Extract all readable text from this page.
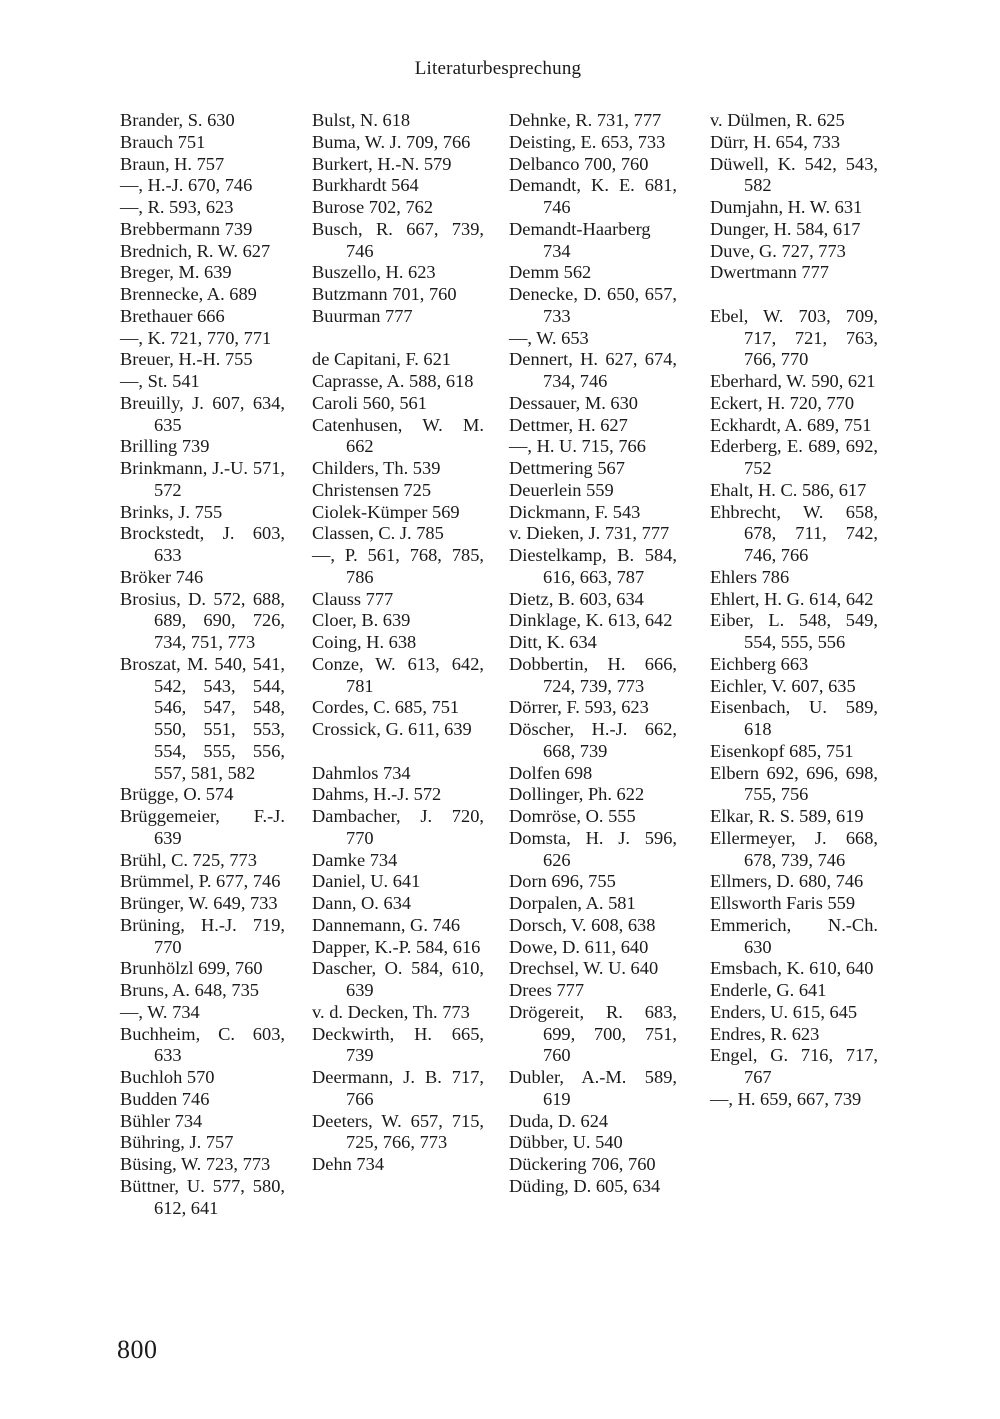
Literaturbesprechung
Brander, S. 630
Brauch 751
Braun, H. 757
—, H.-J. 670, 746
—, R. 593, 623
Brebbermann 739
Brednich, R. W. 627
Breger, M. 639
Brennecke, A. 689
Brethauer 666
—, K. 721, 770, 771
Breuer, H.-H. 755
—, St. 541
Breuilly, J. 607, 634, 635
Brilling 739
Brinkmann, J.-U. 571, 572
Brinks, J. 755
Brockstedt, J. 603, 633
Bröker 746
Brosius, D. 572, 688, 689, 690, 726, 734, 751, 773
Broszat, M. 540, 541, 542, 543, 544, 546, 547, 548, 550, 551, 553, 554, 555, 556, 557, 581, 582
Brügge, O. 574
Brüggemeier, F.-J. 639
Brühl, C. 725, 773
Brümmel, P. 677, 746
Brünger, W. 649, 733
Brüning, H.-J. 719, 770
Brunhölzl 699, 760
Bruns, A. 648, 735
—, W. 734
Buchheim, C. 603, 633
Buchloh 570
Budden 746
Bühler 734
Bühring, J. 757
Büsing, W. 723, 773
Büttner, U. 577, 580, 612, 641
Bulst, N. 618
Buma, W. J. 709, 766
Burkert, H.-N. 579
Burkhardt 564
Burose 702, 762
Busch, R. 667, 739, 746
Buszello, H. 623
Butzmann 701, 760
Buurman 777
de Capitani, F. 621
Caprasse, A. 588, 618
Caroli 560, 561
Catenhusen, W. M. 662
Childers, Th. 539
Christensen 725
Ciolek-Kümper 569
Classen, C. J. 785
—, P. 561, 768, 785, 786
Clauss 777
Cloer, B. 639
Coing, H. 638
Conze, W. 613, 642, 781
Cordes, C. 685, 751
Crossick, G. 611, 639
Dahmlos 734
Dahms, H.-J. 572
Dambacher, J. 720, 770
Damke 734
Daniel, U. 641
Dann, O. 634
Dannemann, G. 746
Dapper, K.-P. 584, 616
Dascher, O. 584, 610, 639
v. d. Decken, Th. 773
Deckwirth, H. 665, 739
Deermann, J. B. 717, 766
Deeters, W. 657, 715, 725, 766, 773
Dehn 734
Dehnke, R. 731, 777
Deisting, E. 653, 733
Delbanco 700, 760
Demandt, K. E. 681, 746
Demandt-Haarberg 734
Demm 562
Denecke, D. 650, 657, 733
—, W. 653
Dennert, H. 627, 674, 734, 746
Dessauer, M. 630
Dettmer, H. 627
—, H. U. 715, 766
Dettmering 567
Deuerlein 559
Dickmann, F. 543
v. Dieken, J. 731, 777
Diestelkamp, B. 584, 616, 663, 787
Dietz, B. 603, 634
Dinklage, K. 613, 642
Ditt, K. 634
Dobbertin, H. 666, 724, 739, 773
Dörrer, F. 593, 623
Döscher, H.-J. 662, 668, 739
Dolfen 698
Dollinger, Ph. 622
Domröse, O. 555
Domsta, H. J. 596, 626
Dorn 696, 755
Dorpalen, A. 581
Dorsch, V. 608, 638
Dowe, D. 611, 640
Drechsel, W. U. 640
Drees 777
Drögereit, R. 683, 699, 700, 751, 760
Dubler, A.-M. 589, 619
Duda, D. 624
Dübber, U. 540
Dückering 706, 760
Düding, D. 605, 634
v. Dülmen, R. 625
Dürr, H. 654, 733
Düwell, K. 542, 543, 582
Dumjahn, H. W. 631
Dunger, H. 584, 617
Duve, G. 727, 773
Dwertmann 777
Ebel, W. 703, 709, 717, 721, 763, 766, 770
Eberhard, W. 590, 621
Eckert, H. 720, 770
Eckhardt, A. 689, 751
Ederberg, E. 689, 692, 752
Ehalt, H. C. 586, 617
Ehbrecht, W. 658, 678, 711, 742, 746, 766
Ehlers 786
Ehlert, H. G. 614, 642
Eiber, L. 548, 549, 554, 555, 556
Eichberg 663
Eichler, V. 607, 635
Eisenbach, U. 589, 618
Eisenkopf 685, 751
Elbern 692, 696, 698, 755, 756
Elkar, R. S. 589, 619
Ellermeyer, J. 668, 678, 739, 746
Ellmers, D. 680, 746
Ellsworth Faris 559
Emmerich, N.-Ch. 630
Emsbach, K. 610, 640
Enderle, G. 641
Enders, U. 615, 645
Endres, R. 623
Engel, G. 716, 717, 767
—, H. 659, 667, 739
800
